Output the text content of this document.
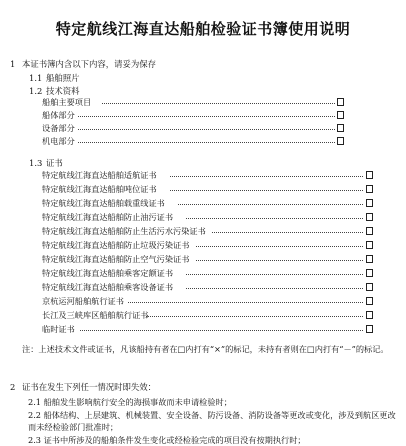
特定航线江海直达船舶检验证书簿使用说明
1 本证书簿内含以下内容，请妥为保存
1.1 船舶照片
1.2 技术资料
船舶主要项目
船体部分
设备部分
机电部分
1.3 证书
特定航线江海直达船舶适航证书
特定航线江海直达船舶吨位证书
特定航线江海直达船舶载重线证书
特定航线江海直达船舶防止油污证书
特定航线江海直达船舶防止生活污水污染证书
特定航线江海直达船舶防止垃圾污染证书
特定航线江海直达船舶防止空气污染证书
特定航线江海直达船舶乘客定额证书
特定航线江海直达船舶乘客设备证书
京杭运河船舶航行证书
长江及三峡库区船舶航行证书
临时证书
注：上述技术文件或证书，凡该船持有者在□内打有“×”的标记，未持有者则在□内打有“－”的标记。
2 证书在发生下列任一情况时即失效：
2.1 船舶发生影响航行安全的海损事故而未申请检验时；
2.2 船体结构、上层建筑、机械装置、安全设备、防污设备、消防设备等更改或变化，涉及到航区更改而未经检验部门批准时；
2.3 证书中所涉及的船舶条件发生变化或经检验完成的项目没有按期执行时；
